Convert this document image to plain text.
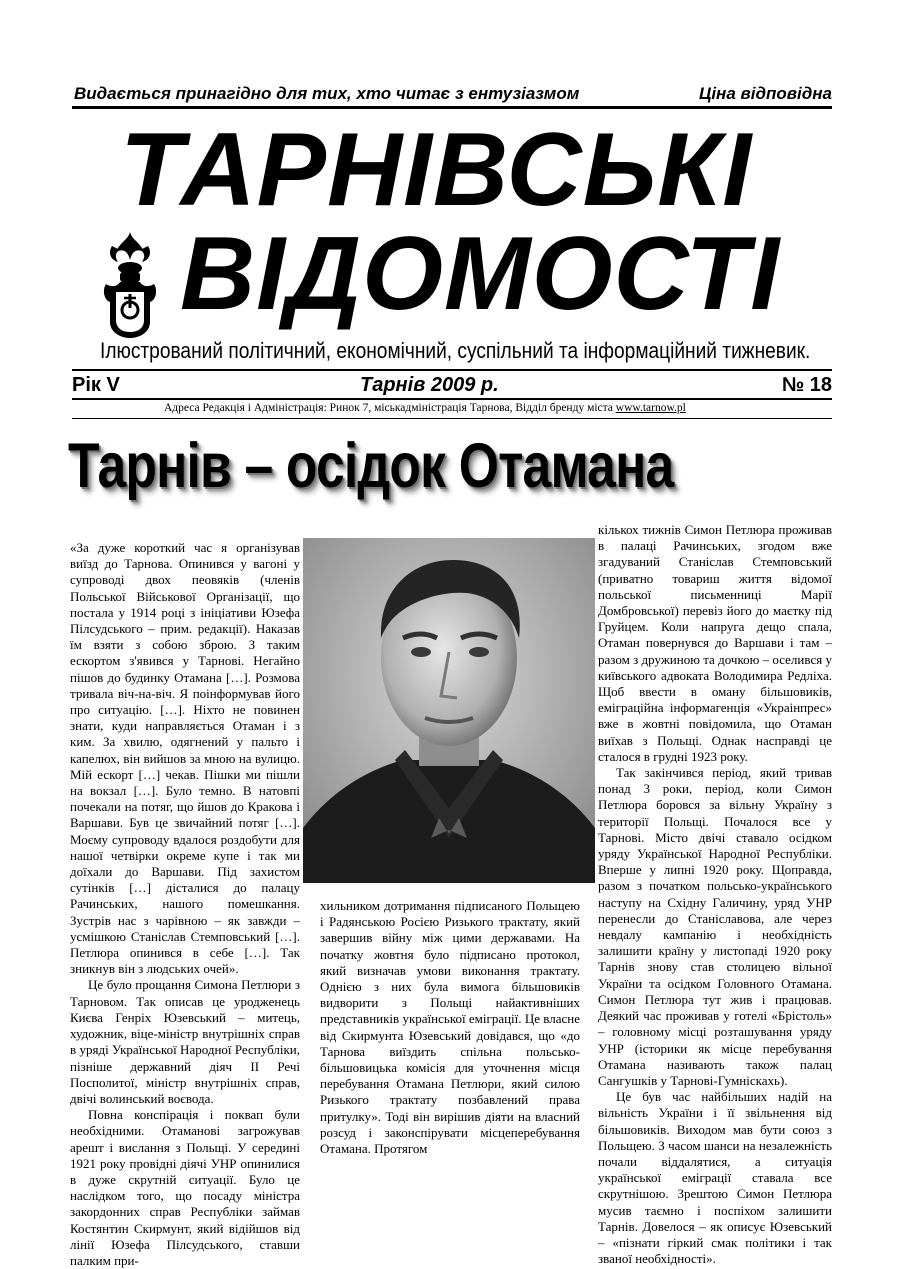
Видається принагідно для тих, хто читає з ентузіазмом	Ціна відповідна
ТАРНІВСЬКІ
ВІДОМОСТІ
Ілюстрований політичний, економічний, суспільний та інформаційний тижневик.
Рік V	Тарнів 2009 р.	№ 18
Адреса Редакція і Адміністрація: Ринок 7, міськадміністрація Тарнова, Відділ бренду міста www.tarnow.pl
Тарнів – осідок Отамана

«За дуже короткий час я організував виїзд до Тарнова. Опинився у вагоні у супроводі двох пеовяків (членів Польської Військової Організації, що постала у 1914 році з ініціативи Юзефа Пілсудського – прим. редакції). Наказав їм взяти з собою зброю. З таким ескортом з'явився у Тарнові. Негайно пішов до будинку Отамана […]. Розмова тривала віч-на-віч. Я поінформував його про ситуацію. […]. Ніхто не повинен знати, куди направляється Отаман і з ким. За хвилю, одягнений у пальто і капелюх, він вийшов за мною на вулицю. Мій ескорт […] чекав. Пішки ми пішли на вокзал […]. Було темно. В натовпі почекали на потяг, що йшов до Кракова і Варшави. Був це звичайний потяг […]. Моєму супроводу вдалося роздобути для нашої четвірки окреме купе і так ми доїхали до Варшави. Під захистом сутінків […] дісталися до палацу Рачинських, нашого помешкання. Зустрів нас з чарівною – як завжди – усмішкою Станіслав Стемповський […]. Петлюра опинився в себе […]. Так зникнув він з людських очей».

Це було прощання Симона Петлюри з Тарновом. Так описав це уродженець Києва Генріх Юзевський – митець, художник, віце-міністр внутрішніх справ в уряді Української Народної Республіки, пізніше державний діяч ІІ Речі Посполитої, міністр внутрішніх справ, двічі волинський воєвода.

Повна конспірація і поквап були необхідними. Отаманові загрожував арешт і вислання з Польщі. У середині 1921 року провідні діячі УНР опинилися в дуже скрутній ситуації. Було це наслідком того, що посаду міністра закордонних справ Республіки займав Костянтин Скирмунт, який відійшов від лінії Юзефа Пілсудського, ставши палким при-

хильником дотримання підписаного Польщею і Радянською Росією Ризького трактату, який завершив війну між цими державами. На початку жовтня було підписано протокол, який визначав умови виконання трактату. Однією з них була вимога більшовиків видворити з Польщі найактивніших представників української еміграції. Це власне від Скирмунта Юзевський довідався, що «до Тарнова виїздить спільна польсько-більшовицька комісія для уточнення місця перебування Отамана Петлюри, який силою Ризького трактату позбавлений права притулку». Тоді він вирішив діяти на власний розсуд і законспірувати місцеперебування Отамана. Протягом

кількох тижнів Симон Петлюра проживав в палаці Рачинських, згодом вже згадуваний Станіслав Стемповський (приватно товариш життя відомої польської письменниці Марії Домбровської) перевіз його до маєтку під Груйцем. Коли напруга дещо спала, Отаман повернувся до Варшави і там – разом з дружиною та дочкою – оселився у київського адвоката Володимира Редліха. Щоб ввести в оману більшовиків, еміграційна інформагенція «Украінпрес» вже в жовтні повідомила, що Отаман виїхав з Польщі. Однак насправді це сталося в грудні 1923 року.

Так закінчився період, який тривав понад 3 роки, період, коли Симон Петлюра боровся за вільну Україну з території Польщі. Почалося все у Тарнові. Місто двічі ставало осідком уряду Української Народної Республіки. Вперше у липні 1920 року. Щоправда, разом з початком польсько-українського наступу на Східну Галичину, уряд УНР перенесли до Станіславова, але через невдалу кампанію і необхідність залишити країну у листопаді 1920 року Тарнів знову став столицею вільної України та осідком Головного Отамана. Симон Петлюра тут жив і працював. Деякий час проживав у готелі «Брістоль» – головному місці розташування уряду УНР (історики як місце перебування Отамана називають також палац Сангушків у Тарнові-Гумніскахь).

Це був час найбільших надій на вільність України і її звільнення від більшовиків. Виходом мав бути союз з Польщею. З часом шанси на незалежність почали віддалятися, а ситуація української еміграції ставала все скрутнішою. Зрештою Симон Петлюра мусив таємно і поспіхом залишити Тарнів. Довелося – як описує Юзевський – «пізнати гіркий смак політики і так званої необхідності».
